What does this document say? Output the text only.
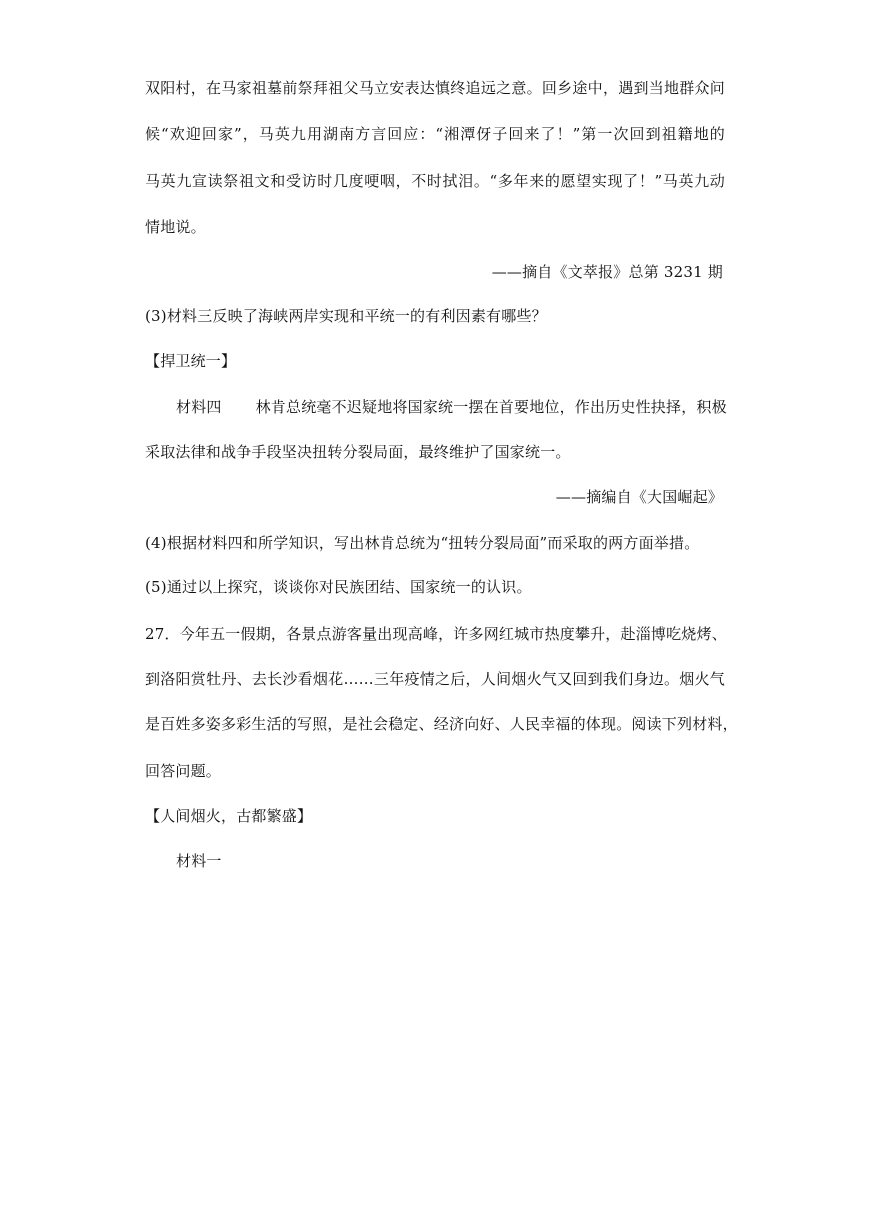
双阳村，在马家祖墓前祭拜祖父马立安表达慎终追远之意。回乡途中，遇到当地群众问
候“欢迎回家”，马英九用湖南方言回应：“湘潭伢子回来了！”第一次回到祖籍地的
马英九宣读祭祖文和受访时几度哽咽，不时拭泪。“多年来的愿望实现了！”马英九动
情地说。
——摘自《文萃报》总第 3231 期
(3)材料三反映了海峡两岸实现和平统一的有利因素有哪些？
【捍卫统一】
材料四 林肯总统毫不迟疑地将国家统一摆在首要地位，作出历史性抉择，积极
采取法律和战争手段坚决扭转分裂局面，最终维护了国家统一。
——摘编自《大国崛起》
(4)根据材料四和所学知识，写出林肯总统为“扭转分裂局面”而采取的两方面举措。
(5)通过以上探究，谈谈你对民族团结、国家统一的认识。
27．今年五一假期，各景点游客量出现高峰，许多网红城市热度攀升，赴淄博吃烧烤、
到洛阳赏牡丹、去长沙看烟花……三年疫情之后，人间烟火气又回到我们身边。烟火气
是百姓多姿多彩生活的写照，是社会稳定、经济向好、人民幸福的体现。阅读下列材料，
回答问题。
【人间烟火，古都繁盛】
材料一
